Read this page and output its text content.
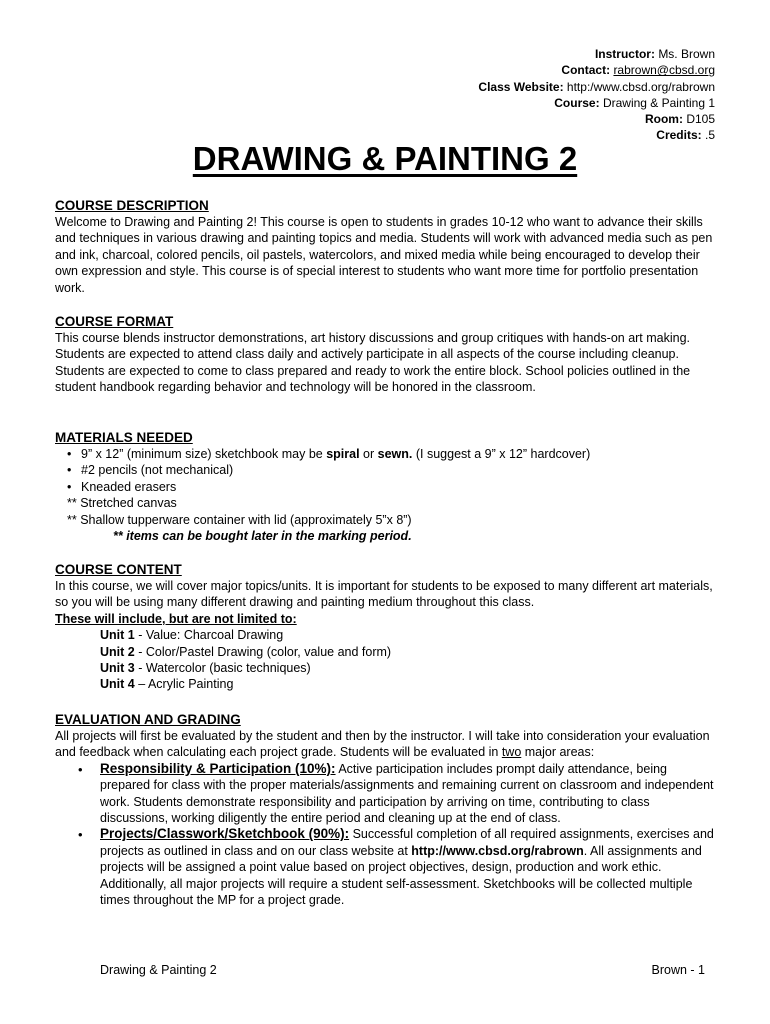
Instructor: Ms. Brown
Contact: rabrown@cbsd.org
Class Website: http:/www.cbsd.org/rabrown
Course: Drawing & Painting 1
Room: D105
Credits: .5
DRAWING & PAINTING 2

COURSE DESCRIPTION

Welcome to Drawing and Painting 2! This course is open to students in grades 10-12 who want to advance their skills and techniques in various drawing and painting topics and media. Students will work with advanced media such as pen and ink, charcoal, colored pencils, oil pastels, watercolors, and mixed media while being encouraged to develop their own expression and style. This course is of special interest to students who want more time for portfolio presentation work.

COURSE FORMAT

This course blends instructor demonstrations, art history discussions and group critiques with hands-on art making. Students are expected to attend class daily and actively participate in all aspects of the course including cleanup. Students are expected to come to class prepared and ready to work the entire block. School policies outlined in the student handbook regarding behavior and technology will be honored in the classroom.

MATERIALS NEEDED

• 9” x 12” (minimum size) sketchbook may be spiral or sewn. (I suggest a 9” x 12” hardcover)
• #2 pencils (not mechanical)
• Kneaded erasers
** Stretched canvas
** Shallow tupperware container with lid (approximately 5”x 8”)
** items can be bought later in the marking period.

COURSE CONTENT

In this course, we will cover major topics/units. It is important for students to be exposed to many different art materials, so you will be using many different drawing and painting medium throughout this class.

These will include, but are not limited to:
Unit 1 - Value: Charcoal Drawing
Unit 2 - Color/Pastel Drawing (color, value and form)
Unit 3 - Watercolor (basic techniques)
Unit 4 – Acrylic Painting

EVALUATION AND GRADING

All projects will first be evaluated by the student and then by the instructor. I will take into consideration your evaluation and feedback when calculating each project grade. Students will be evaluated in two major areas:

• Responsibility & Participation (10%): Active participation includes prompt daily attendance, being prepared for class with the proper materials/assignments and remaining current on classroom and independent work. Students demonstrate responsibility and participation by arriving on time, contributing to class discussions, working diligently the entire period and cleaning up at the end of class.
• Projects/Classwork/Sketchbook (90%): Successful completion of all required assignments, exercises and projects as outlined in class and on our class website at http://www.cbsd.org/rabrown. All assignments and projects will be assigned a point value based on project objectives, design, production and work ethic. Additionally, all major projects will require a student self-assessment. Sketchbooks will be collected multiple times throughout the MP for a project grade.
Drawing & Painting 2	Brown - 1
